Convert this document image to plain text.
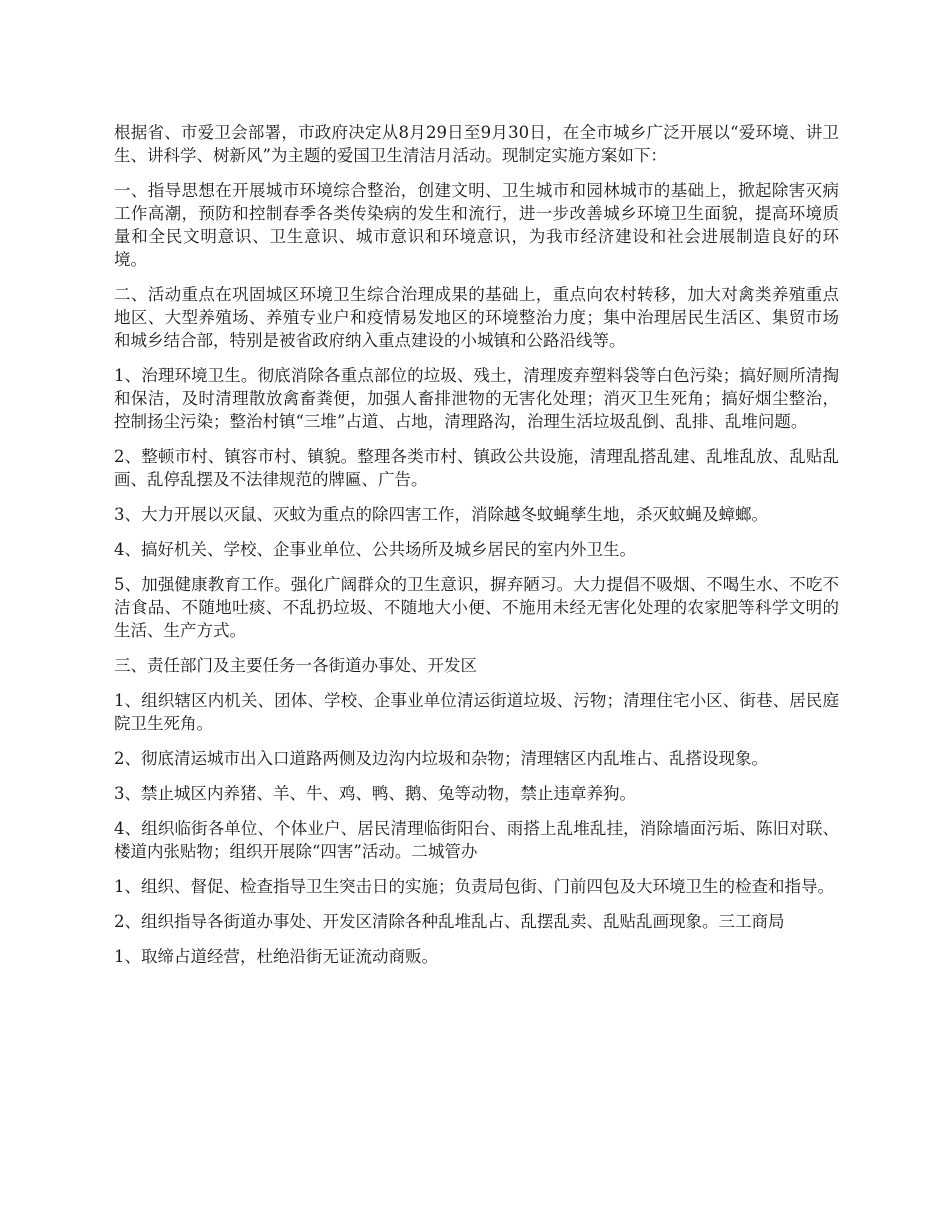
根据省、市爱卫会部署，市政府决定从8月29日至9月30日，在全市城乡广泛开展以“爱环境、讲卫生、讲科学、树新风”为主题的爱国卫生清洁月活动。现制定实施方案如下：

一、指导思想在开展城市环境综合整治，创建文明、卫生城市和园林城市的基础上，掀起除害灭病工作高潮，预防和控制春季各类传染病的发生和流行，进一步改善城乡环境卫生面貌，提高环境质量和全民文明意识、卫生意识、城市意识和环境意识，为我市经济建设和社会进展制造良好的环境。

二、活动重点在巩固城区环境卫生综合治理成果的基础上，重点向农村转移，加大对禽类养殖重点地区、大型养殖场、养殖专业户和疫情易发地区的环境整治力度；集中治理居民生活区、集贸市场和城乡结合部，特别是被省政府纳入重点建设的小城镇和公路沿线等。

1、治理环境卫生。彻底消除各重点部位的垃圾、残土，清理废弃塑料袋等白色污染；搞好厕所清掏和保洁，及时清理散放禽畜粪便，加强人畜排泄物的无害化处理；消灭卫生死角；搞好烟尘整治，控制扬尘污染；整治村镇“三堆”占道、占地，清理路沟，治理生活垃圾乱倒、乱排、乱堆问题。

2、整顿市村、镇容市村、镇貌。整理各类市村、镇政公共设施，清理乱搭乱建、乱堆乱放、乱贴乱画、乱停乱摆及不法律规范的牌匾、广告。

3、大力开展以灭鼠、灭蚊为重点的除四害工作，消除越冬蚊蝇孳生地，杀灭蚊蝇及蟑螂。

4、搞好机关、学校、企事业单位、公共场所及城乡居民的室内外卫生。

5、加强健康教育工作。强化广阔群众的卫生意识，摒弃陋习。大力提倡不吸烟、不喝生水、不吃不洁食品、不随地吐痰、不乱扔垃圾、不随地大小便、不施用未经无害化处理的农家肥等科学文明的生活、生产方式。

三、责任部门及主要任务一各街道办事处、开发区

1、组织辖区内机关、团体、学校、企事业单位清运街道垃圾、污物；清理住宅小区、街巷、居民庭院卫生死角。

2、彻底清运城市出入口道路两侧及边沟内垃圾和杂物；清理辖区内乱堆占、乱搭设现象。

3、禁止城区内养猪、羊、牛、鸡、鸭、鹅、兔等动物，禁止违章养狗。

4、组织临街各单位、个体业户、居民清理临街阳台、雨搭上乱堆乱挂，消除墙面污垢、陈旧对联、楼道内张贴物；组织开展除“四害”活动。二城管办

1、组织、督促、检查指导卫生突击日的实施；负责局包街、门前四包及大环境卫生的检查和指导。

2、组织指导各街道办事处、开发区清除各种乱堆乱占、乱摆乱卖、乱贴乱画现象。三工商局

1、取缔占道经营，杜绝沿街无证流动商贩。
